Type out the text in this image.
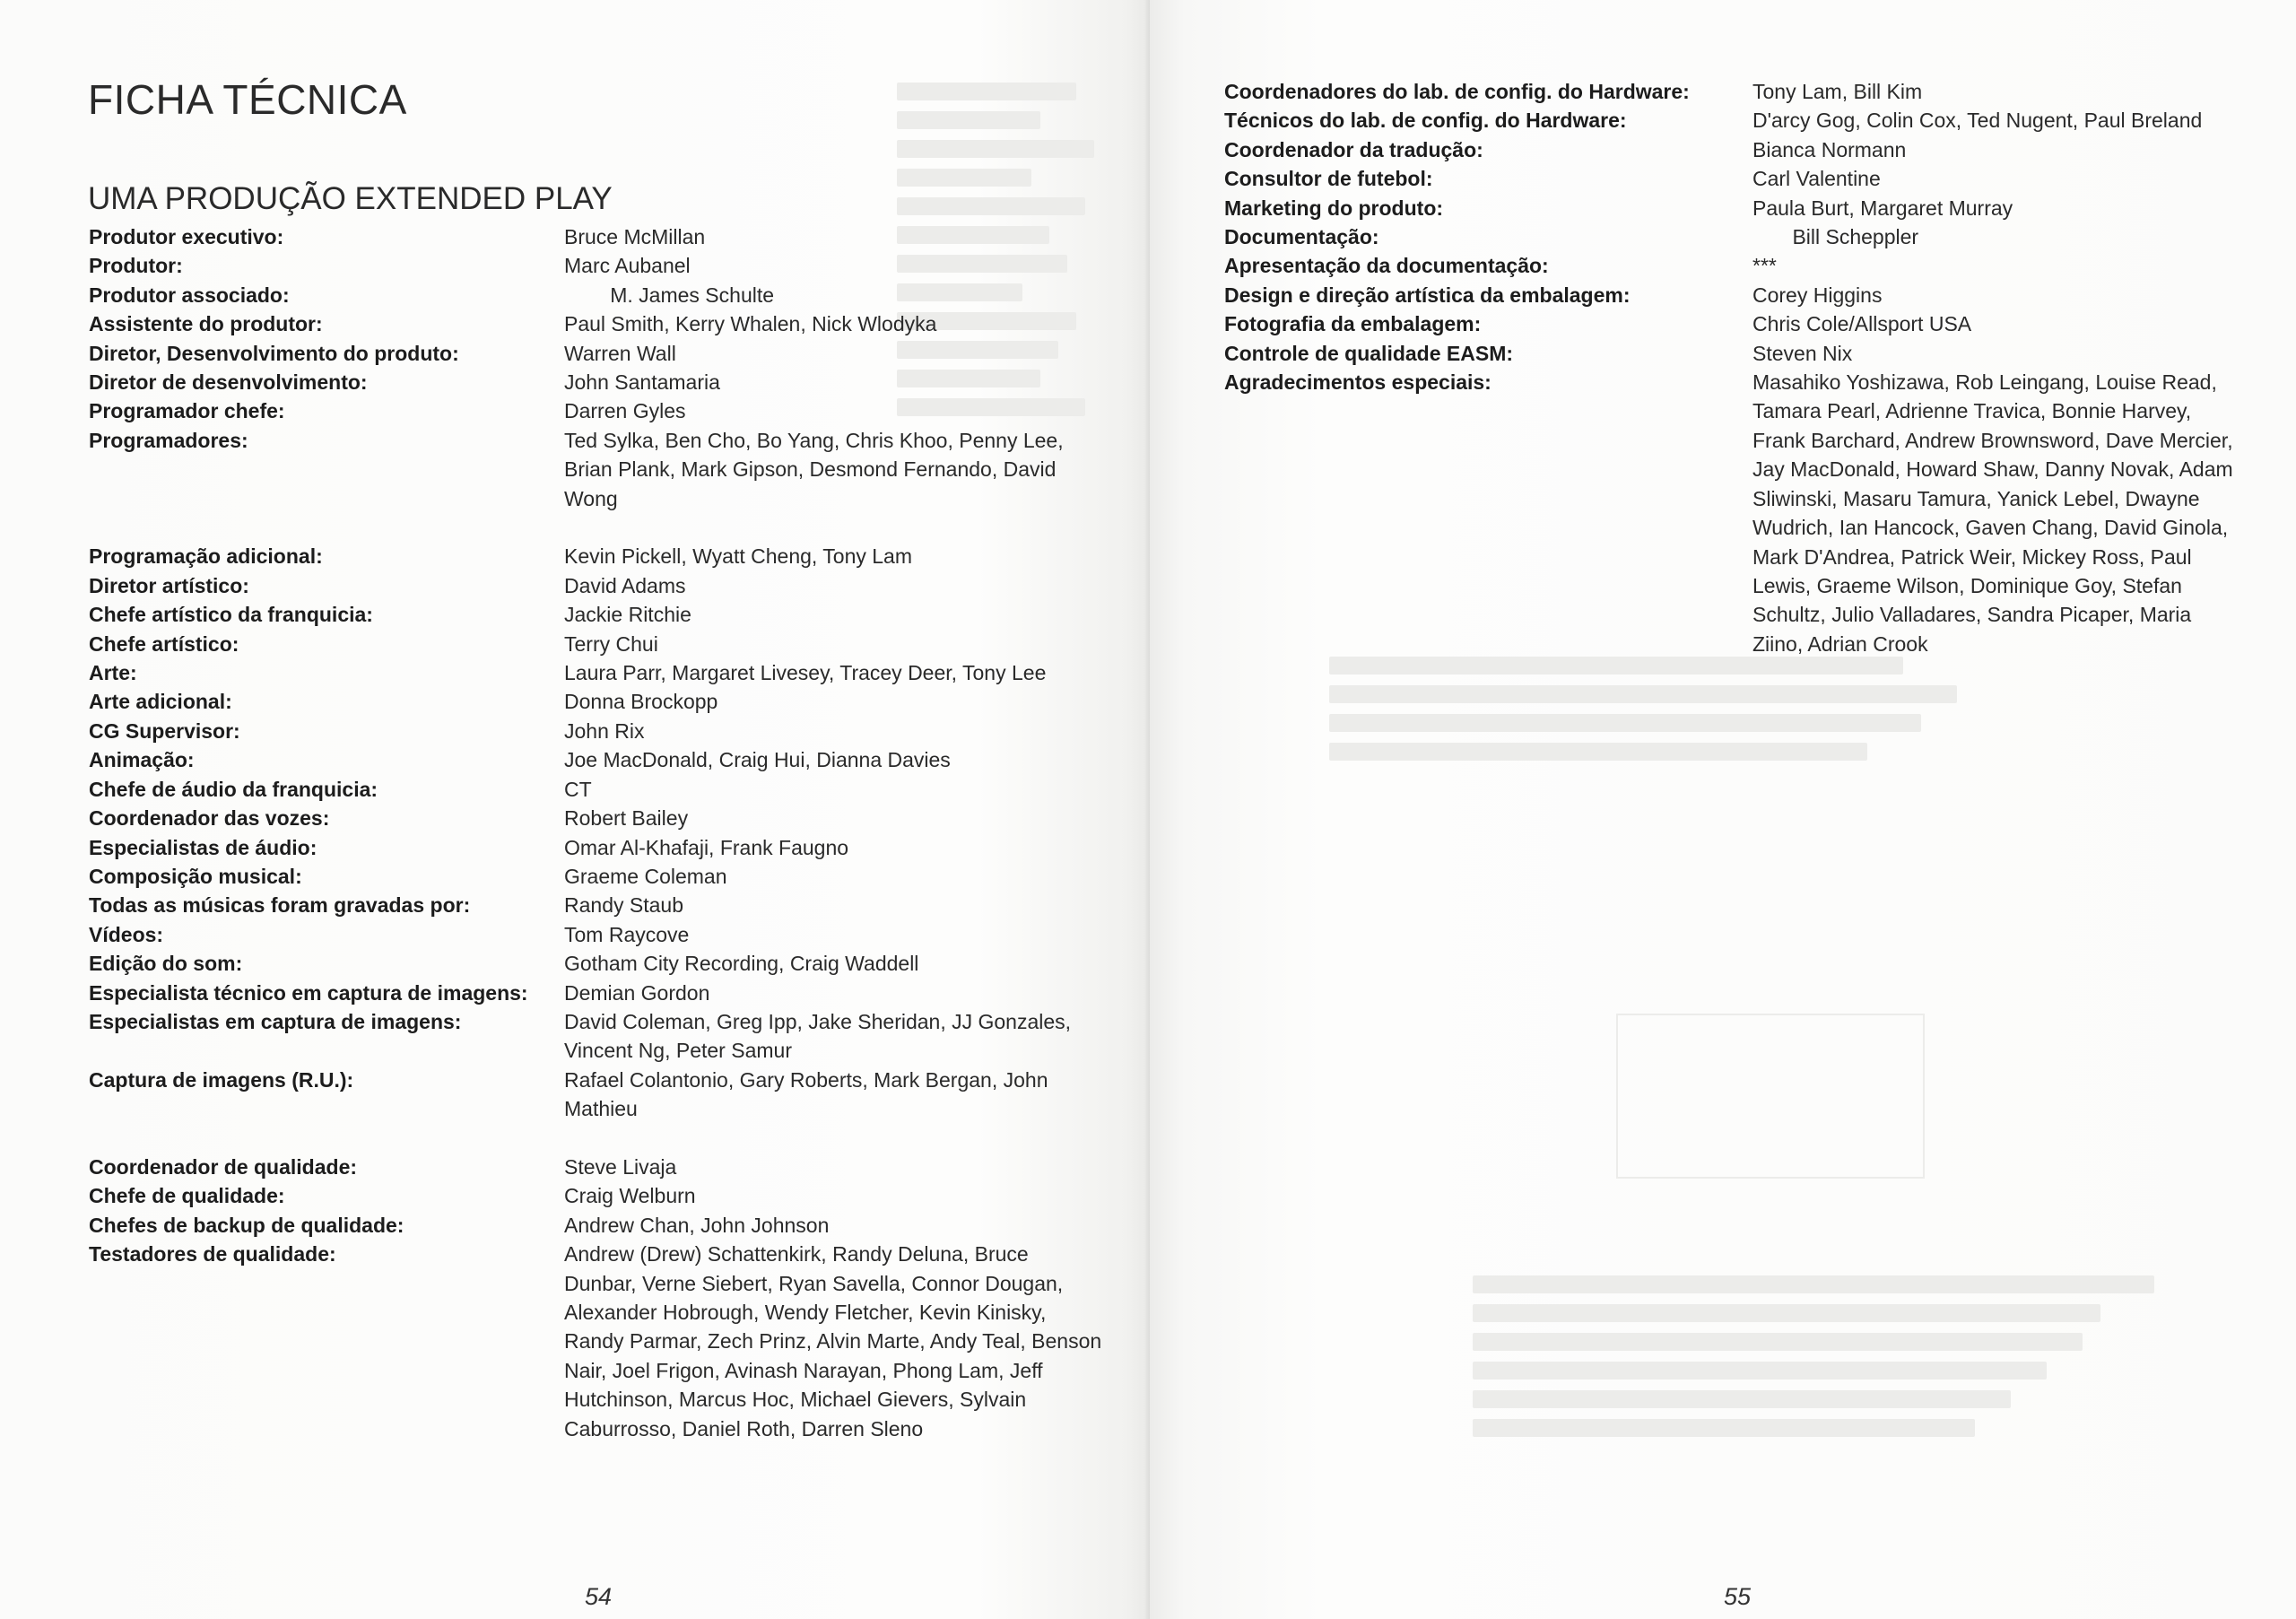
FICHA TÉCNICA
UMA PRODUÇÃO EXTENDED PLAY
Produtor executivo:	Bruce McMillan
Produtor:	Marc Aubanel
Produtor associado:	M. James Schulte
Assistente do produtor:	Paul Smith, Kerry Whalen, Nick Wlodyka
Diretor, Desenvolvimento do produto:	Warren Wall
Diretor de desenvolvimento:	John Santamaria
Programador chefe:	Darren Gyles
Programadores:	Ted Sylka, Ben Cho, Bo Yang, Chris Khoo, Penny Lee, Brian Plank, Mark Gipson, Desmond Fernando, David Wong
Programação adicional:	Kevin Pickell, Wyatt Cheng, Tony Lam
Diretor artístico:	David Adams
Chefe artístico da franquicia:	Jackie Ritchie
Chefe artístico:	Terry Chui
Arte:	Laura Parr, Margaret Livesey, Tracey Deer, Tony Lee
Arte adicional:	Donna Brockopp
CG Supervisor:	John Rix
Animação:	Joe MacDonald, Craig Hui, Dianna Davies
Chefe de áudio da franquicia:	CT
Coordenador das vozes:	Robert Bailey
Especialistas de áudio:	Omar Al-Khafaji, Frank Faugno
Composição musical:	Graeme Coleman
Todas as músicas foram gravadas por:	Randy Staub
Vídeos:	Tom Raycove
Edição do som:	Gotham City Recording, Craig Waddell
Especialista técnico em captura de imagens:	Demian Gordon
Especialistas em captura de imagens:	David Coleman, Greg Ipp, Jake Sheridan, JJ Gonzales, Vincent Ng, Peter Samur
Captura de imagens (R.U.):	Rafael Colantonio, Gary Roberts, Mark Bergan, John Mathieu
Coordenador de qualidade:	Steve Livaja
Chefe de qualidade:	Craig Welburn
Chefes de backup de qualidade:	Andrew Chan, John Johnson
Testadores de qualidade:	Andrew (Drew) Schattenkirk, Randy Deluna, Bruce Dunbar, Verne Siebert, Ryan Savella, Connor Dougan, Alexander Hobrough, Wendy Fletcher, Kevin Kinisky, Randy Parmar, Zech Prinz, Alvin Marte, Andy Teal, Benson Nair, Joel Frigon, Avinash Narayan, Phong Lam, Jeff Hutchinson, Marcus Hoc, Michael Gievers, Sylvain Caburrosso, Daniel Roth, Darren Sleno
54
Coordenadores do lab. de config. do Hardware:	Tony Lam, Bill Kim
Técnicos do lab. de config. do Hardware:	D'arcy Gog, Colin Cox, Ted Nugent, Paul Breland
Coordenador da tradução:	Bianca Normann
Consultor de futebol:	Carl Valentine
Marketing do produto:	Paula Burt, Margaret Murray
Documentação:	Bill Scheppler
Apresentação da documentação:	***
Design e direção artística da embalagem:	Corey Higgins
Fotografia da embalagem:	Chris Cole/Allsport USA
Controle de qualidade EASM:	Steven Nix
Agradecimentos especiais:	Masahiko Yoshizawa, Rob Leingang, Louise Read, Tamara Pearl, Adrienne Travica, Bonnie Harvey, Frank Barchard, Andrew Brownsword, Dave Mercier, Jay MacDonald, Howard Shaw, Danny Novak, Adam Sliwinski, Masaru Tamura, Yanick Lebel, Dwayne Wudrich, Ian Hancock, Gaven Chang, David Ginola, Mark D'Andrea, Patrick Weir, Mickey Ross, Paul Lewis, Graeme Wilson, Dominique Goy, Stefan Schultz, Julio Valladares, Sandra Picaper, Maria Ziino, Adrian Crook
55
